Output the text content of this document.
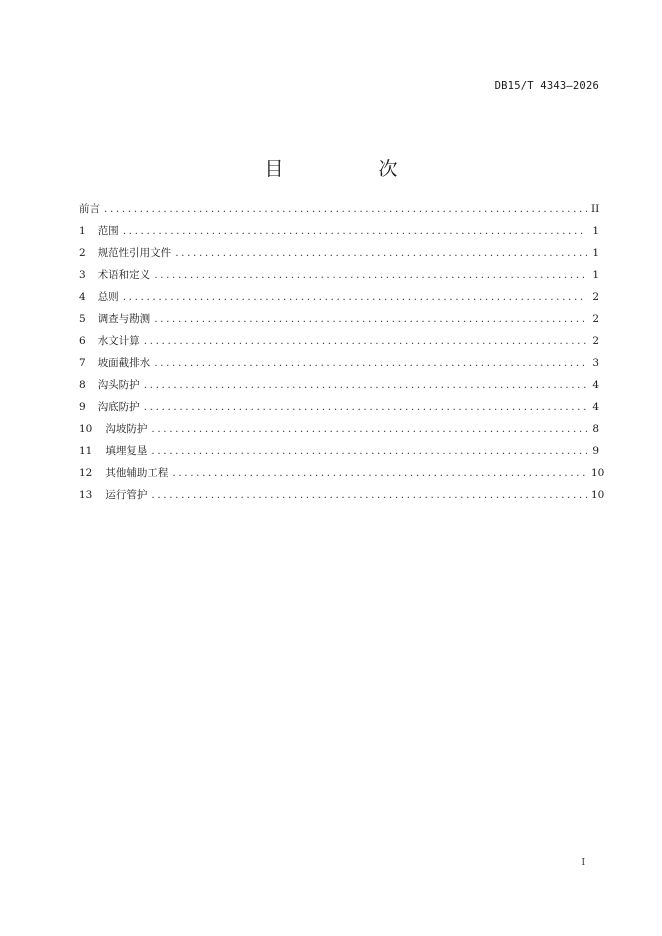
DB15/T 4343—2026
目　次
前言 .....	II
1 范围 .....	1
2 规范性引用文件 .....	1
3 术语和定义 .....	1
4 总则 .....	2
5 调查与勘测 .....	2
6 水文计算 .....	2
7 坡面截排水 .....	3
8 沟头防护 .....	4
9 沟底防护 .....	4
10 沟坡防护 .....	8
11 填埋复垦 .....	9
12 其他辅助工程 .....	10
13 运行管护 .....	10
I
